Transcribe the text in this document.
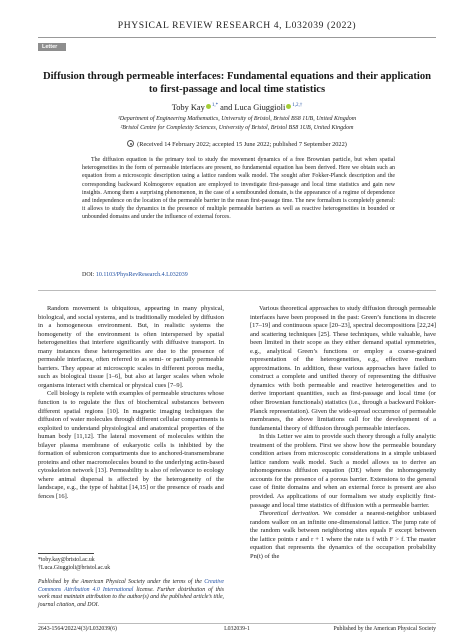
PHYSICAL REVIEW RESEARCH 4, L032039 (2022)
Letter
Diffusion through permeable interfaces: Fundamental equations and their application to first-passage and local time statistics
Toby Kay $^{1,*}$ and Luca Giuggioli $^{1,2,\dagger}$
¹Department of Engineering Mathematics, University of Bristol, Bristol BS8 1UB, United Kingdom
²Bristol Centre for Complexity Sciences, University of Bristol, Bristol BS8 1UB, United Kingdom
(Received 14 February 2022; accepted 15 June 2022; published 7 September 2022)
The diffusion equation is the primary tool to study the movement dynamics of a free Brownian particle, but when spatial heterogeneities in the form of permeable interfaces are present, no fundamental equation has been derived. Here we obtain such an equation from a microscopic description using a lattice random walk model. The sought after Fokker-Planck description and the corresponding backward Kolmogorov equation are employed to investigate first-passage and local time statistics and gain new insights. Among them a surprising phenomenon, in the case of a semibounded domain, is the appearance of a regime of dependence and independence on the location of the permeable barrier in the mean first-passage time. The new formalism is completely general: it allows to study the dynamics in the presence of multiple permeable barriers as well as reactive heterogeneities in bounded or unbounded domains and under the influence of external forces.
DOI: 10.1103/PhysRevResearch.4.L032039

Random movement is ubiquitous, appearing in many physical, biological, and social systems, and is traditionally modeled by diffusion in a homogeneous environment. But, in realistic systems the homogeneity of the environment is often interspersed by spatial heterogeneities that interfere significantly with diffusive transport. In many instances these heterogeneities are due to the presence of permeable interfaces, often referred to as semi- or partially permeable barriers. They appear at microscopic scales in different porous media, such as biological tissue [1–6], but also at larger scales when whole organisms interact with chemical or physical cues [7–9].

Cell biology is replete with examples of permeable structures whose function is to regulate the flux of biochemical substances between different spatial regions [10]. In magnetic imaging techniques the diffusion of water molecules through different cellular compartments is exploited to understand physiological and anatomical properties of the human body [11,12]. The lateral movement of molecules within the bilayer plasma membrane of eukaryotic cells is inhibited by the formation of submicron compartments due to anchored-transmembrane proteins and other macromolecules bound to the underlying actin-based cytoskeleton network [13]. Permeability is also of relevance to ecology where animal dispersal is affected by the heterogeneity of the landscape, e.g., the type of habitat [14,15] or the presence of roads and fences [16].

Various theoretical approaches to study diffusion through permeable interfaces have been proposed in the past: Green’s functions in discrete [17–19] and continuous space [20–23], spectral decompositions [22,24] and scattering techniques [25]. These techniques, while valuable, have been limited in their scope as they either demand spatial symmetries, e.g., analytical Green’s functions or employ a coarse-grained representation of the heterogeneities, e.g., effective medium approximations. In addition, these various approaches have failed to construct a complete and unified theory of representing the diffusive dynamics with both permeable and reactive heterogeneities and to derive important quantities, such as first-passage and local time (or other Brownian functionals) statistics (i.e., through a backward Fokker-Planck representation). Given the wide-spread occurrence of permeable membranes, the above limitations call for the development of a fundamental theory of diffusion through permeable interfaces.

In this Letter we aim to provide such theory through a fully analytic treatment of the problem. First we show how the permeable boundary condition arises from microscopic considerations in a simple unbiased lattice random walk model. Such a model allows us to derive an inhomogeneous diffusion equation (DE) where the inhomogeneity accounts for the presence of a porous barrier. Extensions to the general case of finite domains and when an external force is present are also provided. As applications of our formalism we study explicitly first-passage and local time statistics of diffusion with a permeable barrier.

Theoretical derivation. We consider a nearest-neighbor unbiased random walker on an infinite one-dimensional lattice. The jump rate of the random walk between neighboring sites equals F except between the lattice points r and r + 1 where the rate is f with F > f. The master equation that represents the dynamics of the occupation probability Pn(t) of the

*toby.kay@bristol.ac.uk
†Luca.Giuggioli@bristol.ac.uk
Published by the American Physical Society under the terms of the Creative Commons Attribution 4.0 International license. Further distribution of this work must maintain attribution to the author(s) and the published article’s title, journal citation, and DOI.
2643-1564/2022/4(3)/L032039(6)	L032039-1	Published by the American Physical Society
